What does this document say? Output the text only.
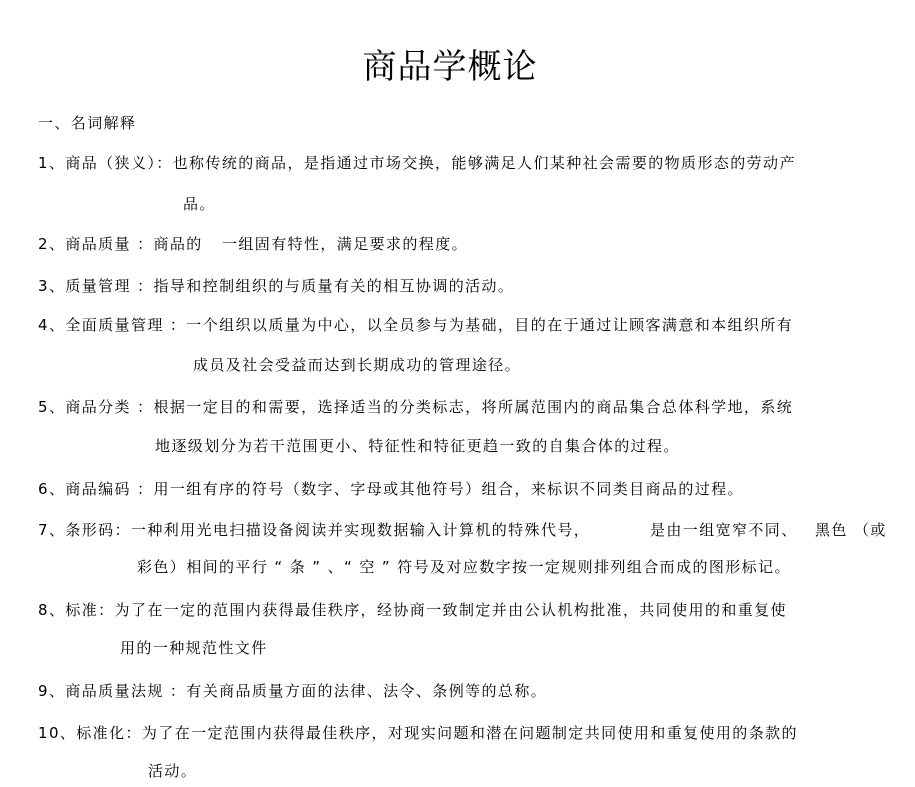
商品学概论
一、名词解释
1、商品（狭义）：也称传统的商品，是指通过市场交换，能够满足人们某种社会需要的物质形态的劳动产
品。
2、商品质量 ：商品的 一组固有特性，满足要求的程度。
3、质量管理 ：指导和控制组织的与质量有关的相互协调的活动。
4、全面质量管理 ：一个组织以质量为中心，以全员参与为基础，目的在于通过让顾客满意和本组织所有
成员及社会受益而达到长期成功的管理途径。
5、商品分类 ：根据一定目的和需要，选择适当的分类标志，将所属范围内的商品集合总体科学地，系统
地逐级划分为若干范围更小、特征性和特征更趋一致的自集合体的过程。
6、商品编码 ：用一组有序的符号（数字、字母或其他符号）组合，来标识不同类目商品的过程。
7、条形码：一种利用光电扫描设备阅读并实现数据输入计算机的特殊代号，	是由一组宽窄不同、 黑色 （或
彩色）相间的平行 “ 条 ” 、“ 空 ” 符号及对应数字按一定规则排列组合而成的图形标记。
8、标准：为了在一定的范围内获得最佳秩序，经协商一致制定并由公认机构批准，共同使用的和重复使
用的一种规范性文件
9、商品质量法规 ：有关商品质量方面的法律、法令、条例等的总称。
10、标准化：为了在一定范围内获得最佳秩序，对现实问题和潜在问题制定共同使用和重复使用的条款的
活动。
